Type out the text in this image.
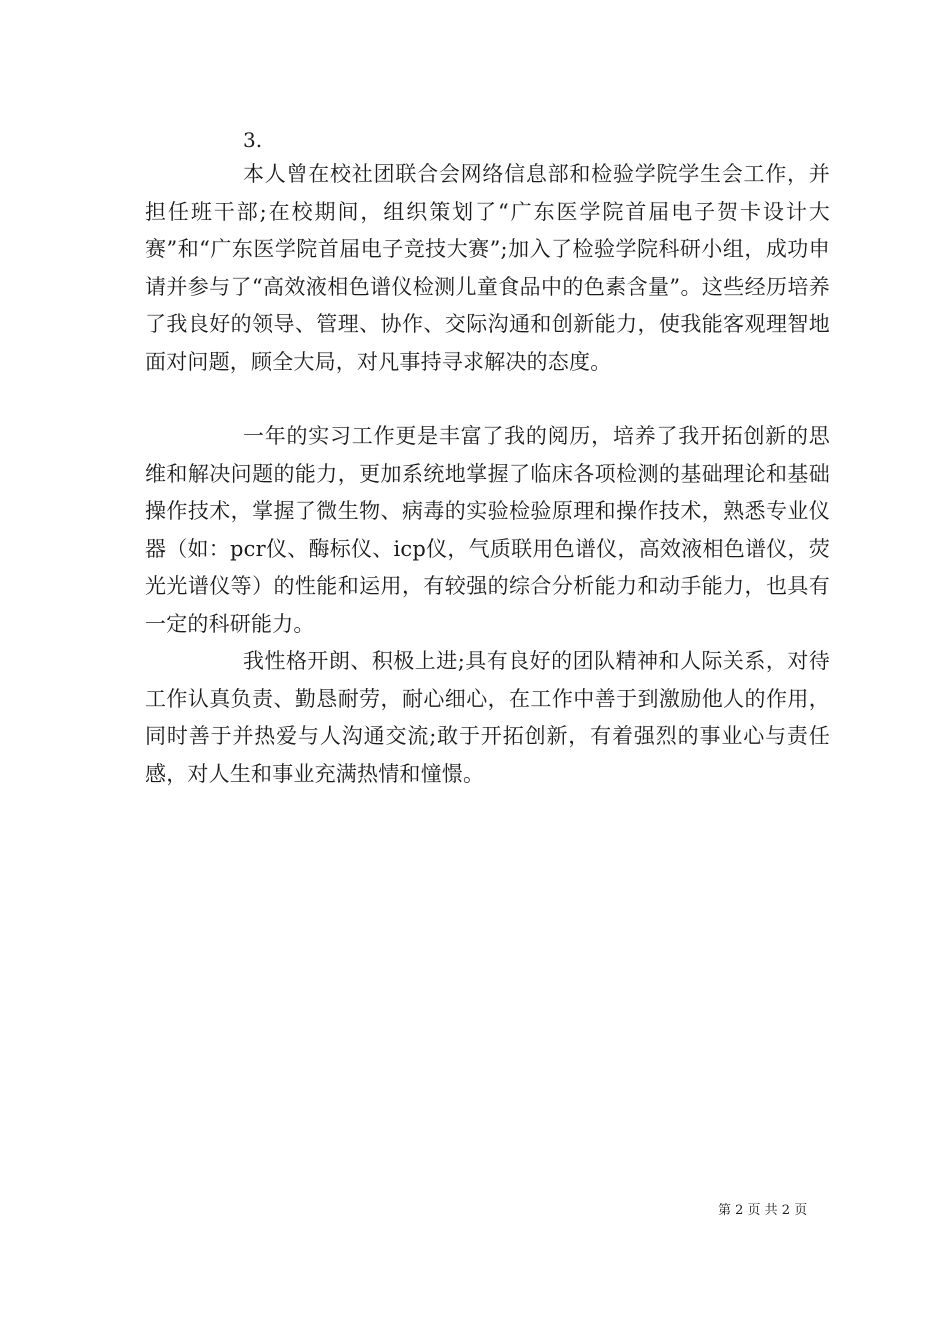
3.

本人曾在校社团联合会网络信息部和检验学院学生会工作，并担任班干部;在校期间，组织策划了“广东医学院首届电子贺卡设计大赛”和“广东医学院首届电子竞技大赛”;加入了检验学院科研小组，成功申请并参与了“高效液相色谱仪检测儿童食品中的色素含量”。这些经历培养了我良好的领导、管理、协作、交际沟通和创新能力，使我能客观理智地面对问题，顾全大局，对凡事持寻求解决的态度。

一年的实习工作更是丰富了我的阅历，培养了我开拓创新的思维和解决问题的能力，更加系统地掌握了临床各项检测的基础理论和基础操作技术，掌握了微生物、病毒的实验检验原理和操作技术，熟悉专业仪器（如：pcr仪、酶标仪、icp仪，气质联用色谱仪，高效液相色谱仪，荧光光谱仪等）的性能和运用，有较强的综合分析能力和动手能力，也具有一定的科研能力。

我性格开朗、积极上进;具有良好的团队精神和人际关系，对待工作认真负责、勤恳耐劳，耐心细心，在工作中善于到激励他人的作用，同时善于并热爱与人沟通交流;敢于开拓创新，有着强烈的事业心与责任感，对人生和事业充满热情和憧憬。

第 2 页 共 2 页
